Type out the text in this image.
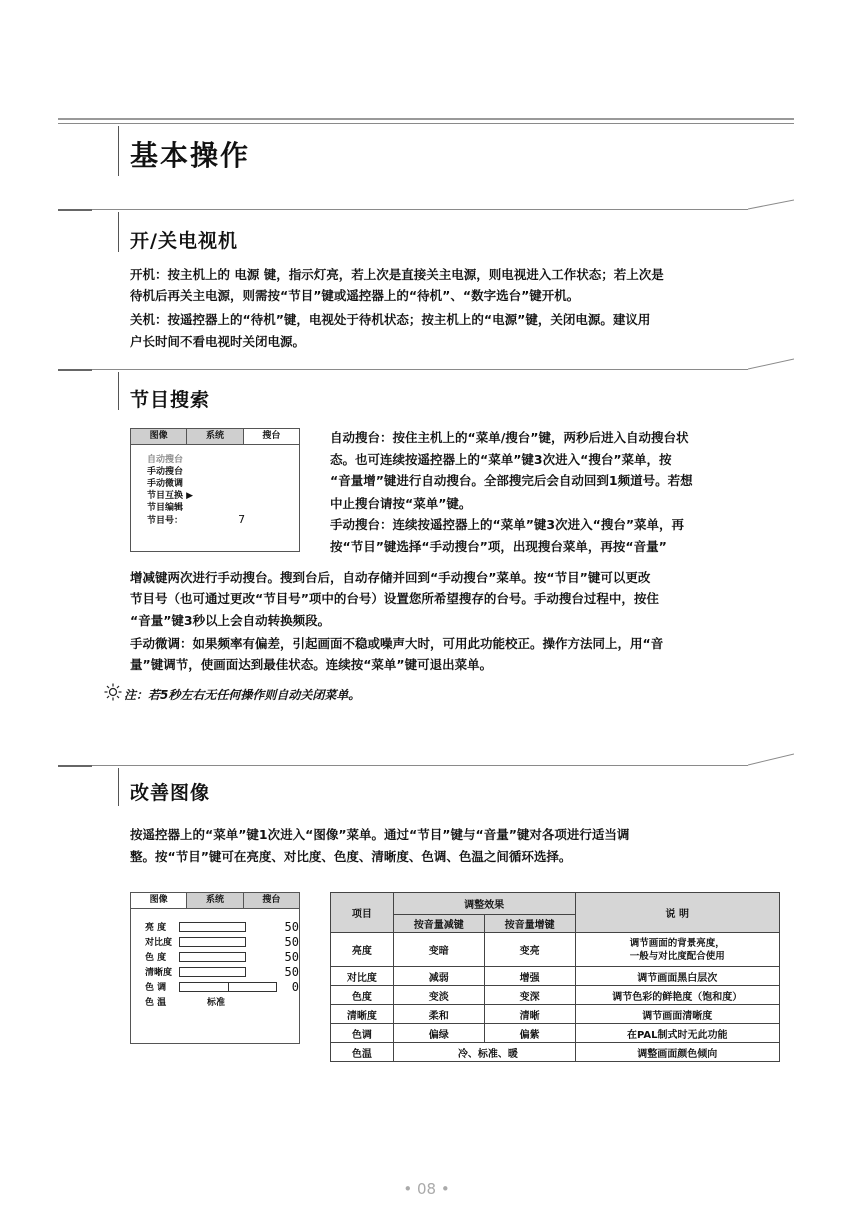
基本操作
开/关电视机
开机：按主机上的 电源 键，指示灯亮，若上次是直接关主电源，则电视进入工作状态；若上次是
待机后再关主电源，则需按“节目”键或遥控器上的“待机”、“数字选台”键开机。
关机：按遥控器上的“待机”键，电视处于待机状态；按主机上的“电源”键，关闭电源。建议用
户长时间不看电视时关闭电源。
节目搜索
图像	系统	搜台
自动搜台
手动搜台
手动微调
节目互换 ▶
节目编辑
节目号：	7
自动搜台：按住主机上的“菜单/搜台”键，两秒后进入自动搜台状
态。也可连续按遥控器上的“菜单”键3次进入“搜台”菜单，按
“音量增”键进行自动搜台。全部搜完后会自动回到1频道号。若想
中止搜台请按“菜单”键。
手动搜台：连续按遥控器上的“菜单”键3次进入“搜台”菜单，再
按“节目”键选择“手动搜台”项，出现搜台菜单，再按“音量”
增减键两次进行手动搜台。搜到台后，自动存储并回到“手动搜台”菜单。按“节目”键可以更改
节目号（也可通过更改“节目号”项中的台号）设置您所希望搜存的台号。手动搜台过程中，按住
“音量”键3秒以上会自动转换频段。
手动微调：如果频率有偏差，引起画面不稳或噪声大时，可用此功能校正。操作方法同上，用“音
量”键调节，使画面达到最佳状态。连续按“菜单”键可退出菜单。
注：若5秒左右无任何操作则自动关闭菜单。
改善图像
按遥控器上的“菜单”键1次进入“图像”菜单。通过“节目”键与“音量”键对各项进行适当调
整。按“节目”键可在亮度、对比度、色度、清晰度、色调、色温之间循环选择。
图像	系统	搜台
亮 度	50
对比度	50
色 度	50
清晰度	50
色 调	0
色 温	标准
项目	调整效果		说 明
	按音量减键	按音量增键	
亮度	变暗	变亮	调节画面的背景亮度，
一般与对比度配合使用
对比度	减弱	增强	调节画面黑白层次
色度	变淡	变深	调节色彩的鲜艳度（饱和度）
清晰度	柔和	清晰	调节画面清晰度
色调	偏绿	偏紫	在PAL制式时无此功能
色温	冷、标准、暖		调整画面颜色倾向
• 08 •
